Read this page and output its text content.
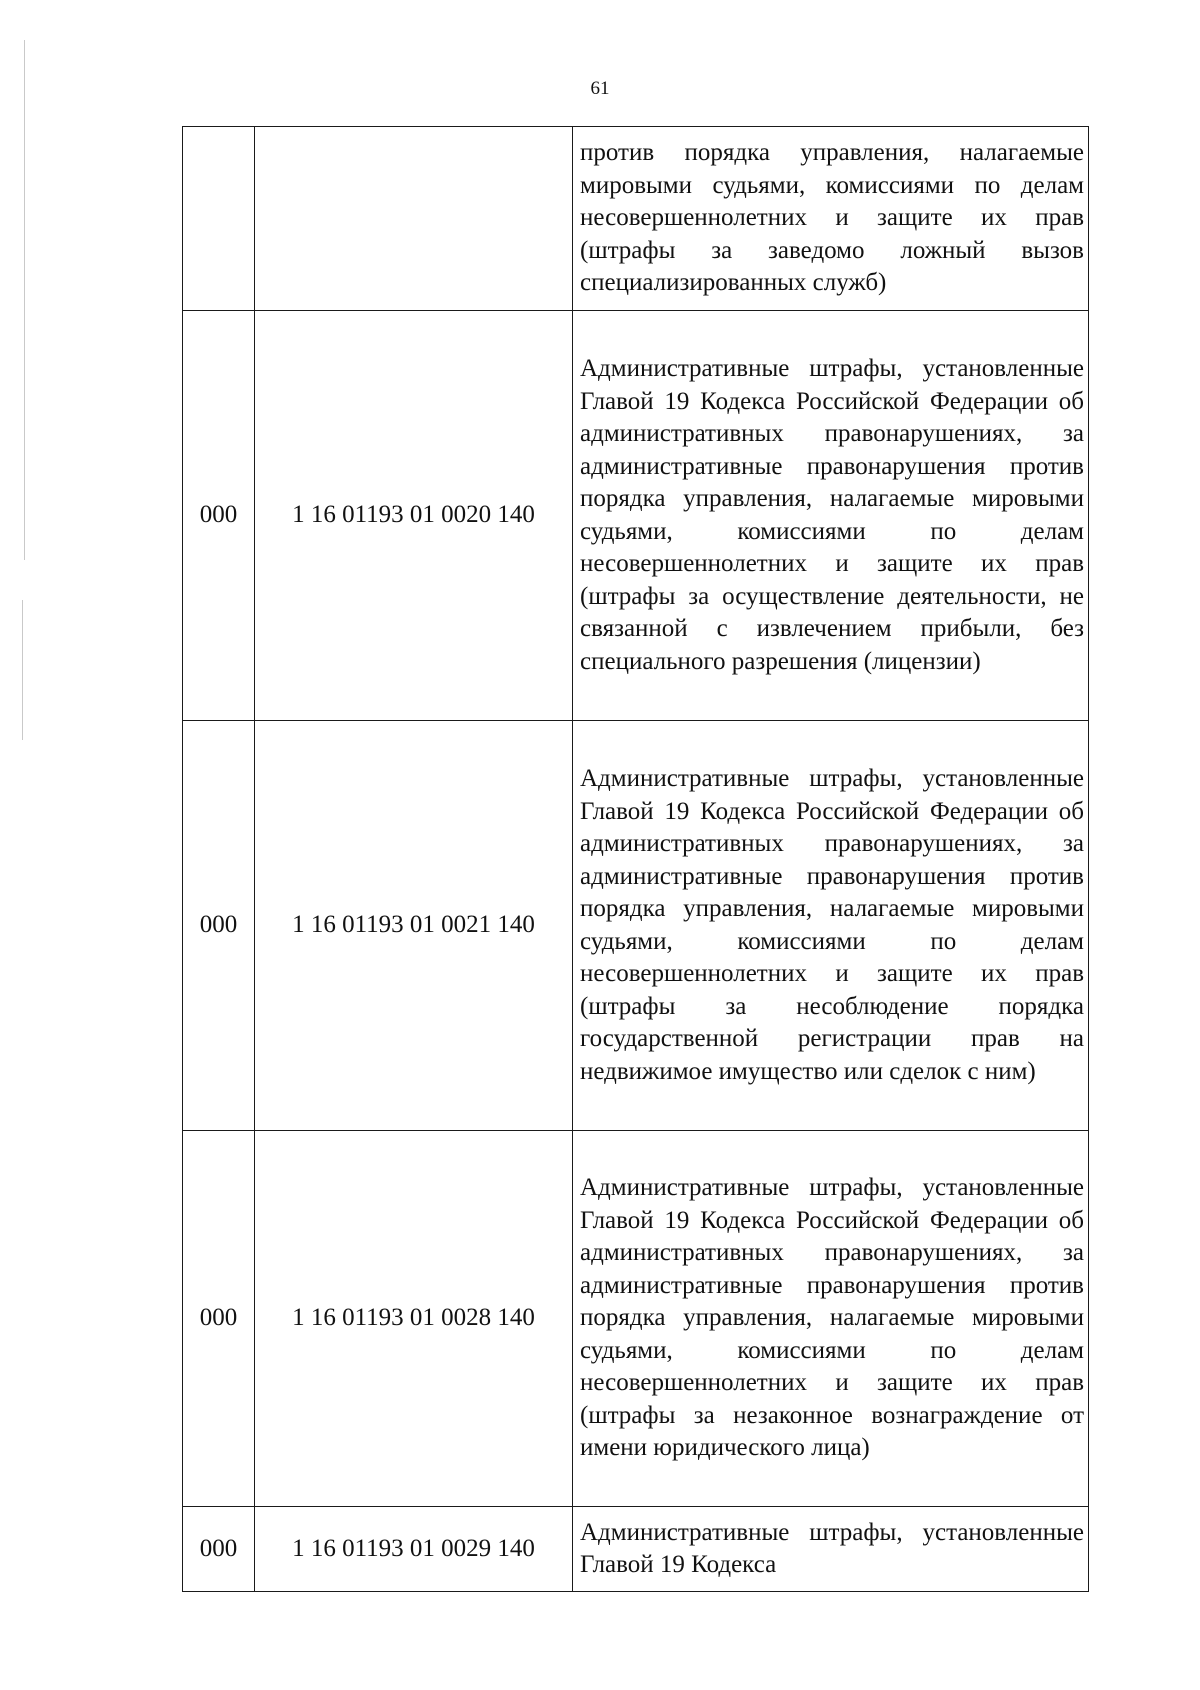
61

		против порядка управления, налагаемые мировыми судьями, комиссиями по делам несовершеннолетних и защите их прав (штрафы за заведомо ложный вызов специализированных служб)

000	1 16 01193 01 0020 140	Административные штрафы, установленные Главой 19 Кодекса Российской Федерации об административных правонарушениях, за административные правонарушения против порядка управления, налагаемые мировыми судьями, комиссиями по делам несовершеннолетних и защите их прав (штрафы за осуществление деятельности, не связанной с извлечением прибыли, без специального разрешения (лицензии)

000	1 16 01193 01 0021 140	Административные штрафы, установленные Главой 19 Кодекса Российской Федерации об административных правонарушениях, за административные правонарушения против порядка управления, налагаемые мировыми судьями, комиссиями по делам несовершеннолетних и защите их прав (штрафы за несоблюдение порядка государственной регистрации прав на недвижимое имущество или сделок с ним)

000	1 16 01193 01 0028 140	Административные штрафы, установленные Главой 19 Кодекса Российской Федерации об административных правонарушениях, за административные правонарушения против порядка управления, налагаемые мировыми судьями, комиссиями по делам несовершеннолетних и защите их прав (штрафы за незаконное вознаграждение от имени юридического лица)

000	1 16 01193 01 0029 140	Административные штрафы, установленные Главой 19 Кодекса
